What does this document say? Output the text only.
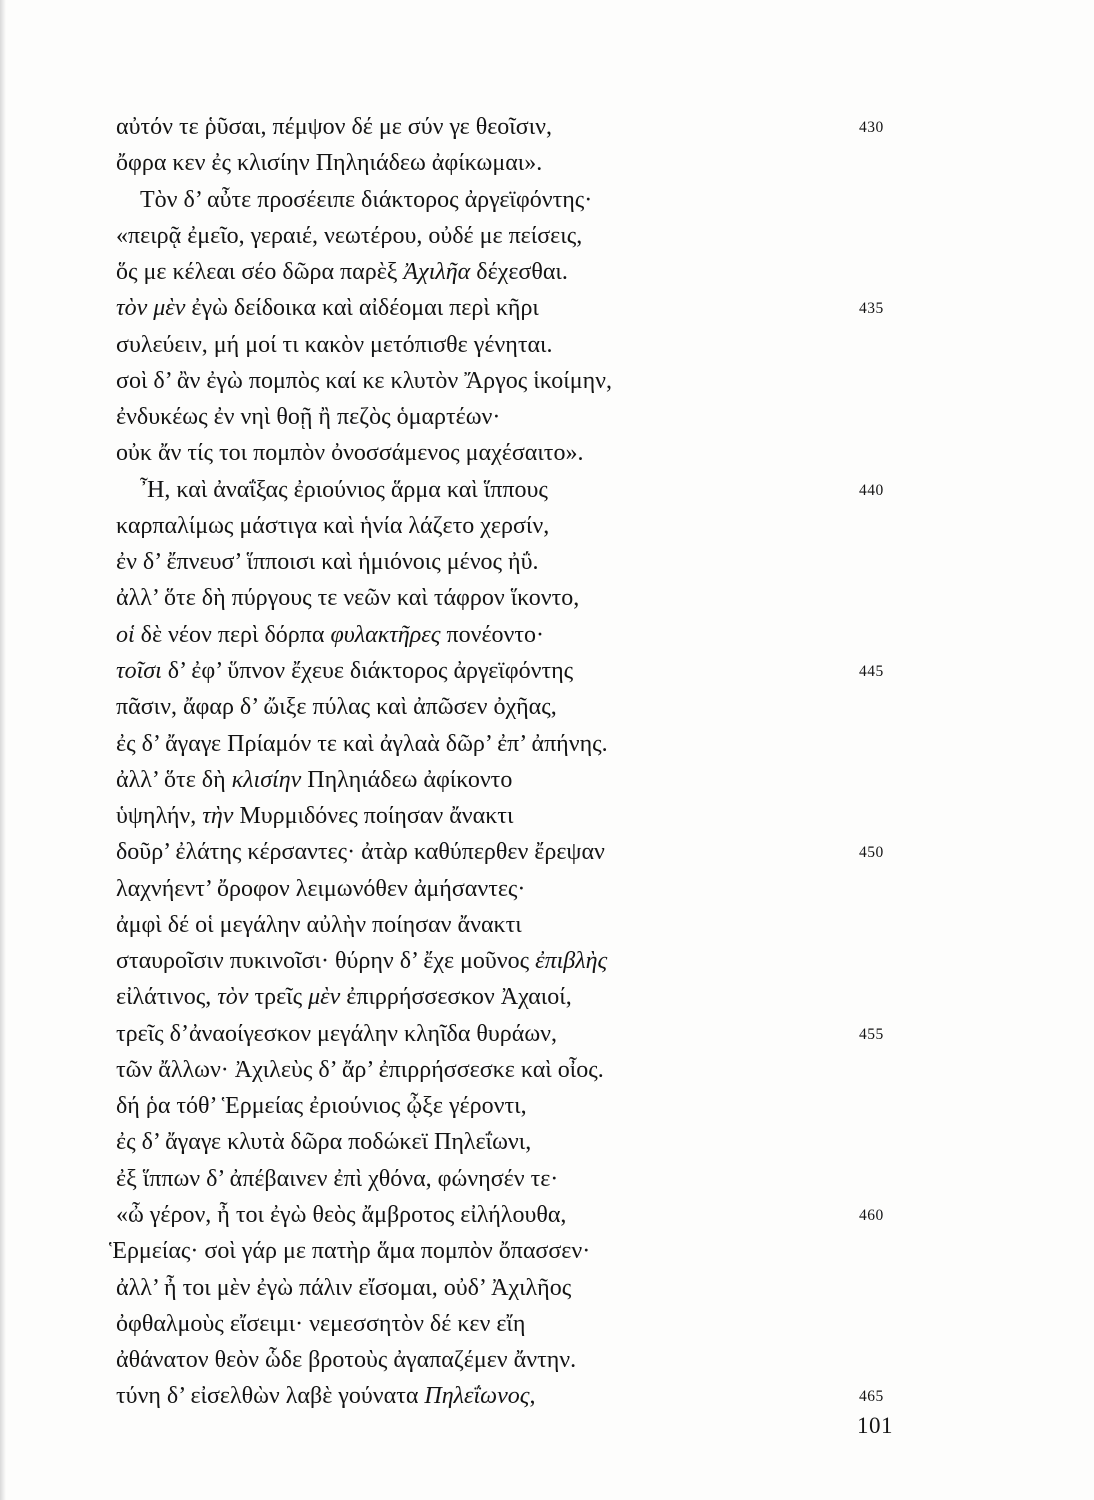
αὐτόν τε ῥῦσαι, πέμψον δέ με σύν γε θεοῖσιν,	430
ὄφρα κεν ἐς κλισίην Πηληιάδεω ἀφίκωμαι».
Τὸν δ’ αὖτε προσέειπε διάκτορος ἀργεϊφόντης·
«πειρᾷ ἐμεῖο, γεραιέ, νεωτέρου, οὐδέ με πείσεις,
ὅς με κέλεαι σέο δῶρα παρὲξ Ἀχιλῆα δέχεσθαι.
τὸν μὲν ἐγὼ δείδοικα καὶ αἰδέομαι περὶ κῆρι	435
συλεύειν, μή μοί τι κακὸν μετόπισθε γένηται.
σοὶ δ’ ἂν ἐγὼ πομπὸς καί κε κλυτὸν Ἄργος ἱκοίμην,
ἐνδυκέως ἐν νηὶ θοῇ ἢ πεζὸς ὁμαρτέων·
οὐκ ἄν τίς τοι πομπὸν ὀνοσσάμενος μαχέσαιτο».
Ἦ, καὶ ἀναΐξας ἐριούνιος ἅρμα καὶ ἵππους	440
καρπαλίμως μάστιγα καὶ ἡνία λάζετο χερσίν,
ἐν δ’ ἔπνευσ’ ἵπποισι καὶ ἡμιόνοις μένος ἠΰ.
ἀλλ’ ὅτε δὴ πύργους τε νεῶν καὶ τάφρον ἵκοντο,
οἱ δὲ νέον περὶ δόρπα φυλακτῆρες πονέοντο·
τοῖσι δ’ ἐφ’ ὕπνον ἔχευε διάκτορος ἀργεϊφόντης	445
πᾶσιν, ἄφαρ δ’ ὤιξε πύλας καὶ ἀπῶσεν ὀχῆας,
ἐς δ’ ἄγαγε Πρίαμόν τε καὶ ἀγλαὰ δῶρ’ ἐπ’ ἀπήνης.
ἀλλ’ ὅτε δὴ κλισίην Πηληιάδεω ἀφίκοντο
ὑψηλήν, τὴν Μυρμιδόνες ποίησαν ἄνακτι
δοῦρ’ ἐλάτης κέρσαντες· ἀτὰρ καθύπερθεν ἔρεψαν	450
λαχνήεντ’ ὄροφον λειμωνόθεν ἀμήσαντες·
ἀμφὶ δέ οἱ μεγάλην αὐλὴν ποίησαν ἄνακτι
σταυροῖσιν πυκινοῖσι· θύρην δ’ ἔχε μοῦνος ἐπιβλὴς
εἰλάτινος, τὸν τρεῖς μὲν ἐπιρρήσσεσκον Ἀχαιοί,
τρεῖς δ’ἀναοίγεσκον μεγάλην κληῖδα θυράων,	455
τῶν ἄλλων· Ἀχιλεὺς δ’ ἄρ’ ἐπιρρήσσεσκε καὶ οἶος.
δή ῥα τόθ’ Ἑρμείας ἐριούνιος ᾦξε γέροντι,
ἐς δ’ ἄγαγε κλυτὰ δῶρα ποδώκεϊ Πηλεΐωνι,
ἐξ ἵππων δ’ ἀπέβαινεν ἐπὶ χθόνα, φώνησέν τε·
«ὦ γέρον, ἦ τοι ἐγὼ θεὸς ἄμβροτος εἰλήλουθα,	460
Ἑρμείας· σοὶ γάρ με πατὴρ ἅμα πομπὸν ὄπασσεν·
ἀλλ’ ἦ τοι μὲν ἐγὼ πάλιν εἴσομαι, οὐδ’ Ἀχιλῆος
ὀφθαλμοὺς εἴσειμι· νεμεσσητὸν δέ κεν εἴη
ἀθάνατον θεὸν ὧδε βροτοὺς ἀγαπαζέμεν ἄντην.
τύνη δ’ εἰσελθὼν λαβὲ γούνατα Πηλεΐωνος,	465
101
